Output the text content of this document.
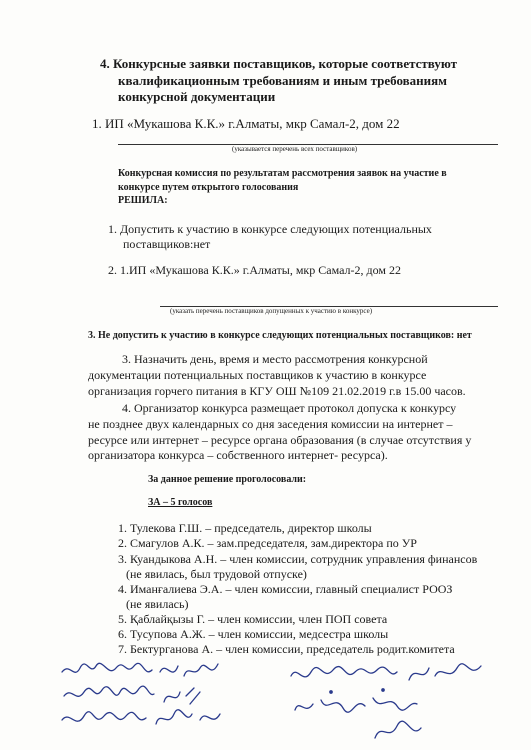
4. Конкурсные заявки поставщиков, которые соответствуют
квалификационным требованиям и иным требованиям
конкурсной документации
1. ИП «Мукашова К.К.» г.Алматы, мкр Самал-2, дом 22
(указывается перечень всех поставщиков)
Конкурсная комиссия по результатам рассмотрения заявок на участие в
конкурсе путем открытого голосования
РЕШИЛА:
1. Допустить к участию в конкурсе следующих потенциальных
поставщиков:нет
2. 1.ИП «Мукашова К.К.» г.Алматы, мкр Самал-2, дом 22
(указать перечень поставщиков допущенных к участию в конкурсе)
3. Не допустить к участию в конкурсе следующих потенциальных поставщиков: нет
3. Назначить день, время и место рассмотрения конкурсной
документации потенциальных поставщиков к участию в конкурсе
организация горчего питания в КГУ ОШ №109 21.02.2019 г.в 15.00 часов.
4. Организатор конкурса размещает протокол допуска к конкурсу
не позднее двух календарных со дня заседения комиссии на интернет –
ресурсе или интернет – ресурсе органа образования (в случае отсутствия у
организатора конкурса – собственного интернет- ресурса).
За данное решение проголосовали:
ЗА – 5 голосов
1. Тулекова Г.Ш. – председатель, директор школы
2. Смагулов А.К. – зам.председателя, зам.директора по УР
3. Куандыкова А.Н. – член комиссии, сотрудник управления финансов
(не явилась, был трудовой отпуске)
4. Иманғалиева Э.А. – член комиссии, главный специалист РООЗ
(не явилась)
5. Қаблайқызы Г. – член комиссии, член ПОП совета
6. Тусупова А.Ж. – член комиссии, медсестра школы
7. Бектурганова А. – член комиссии, председатель родит.комитета
